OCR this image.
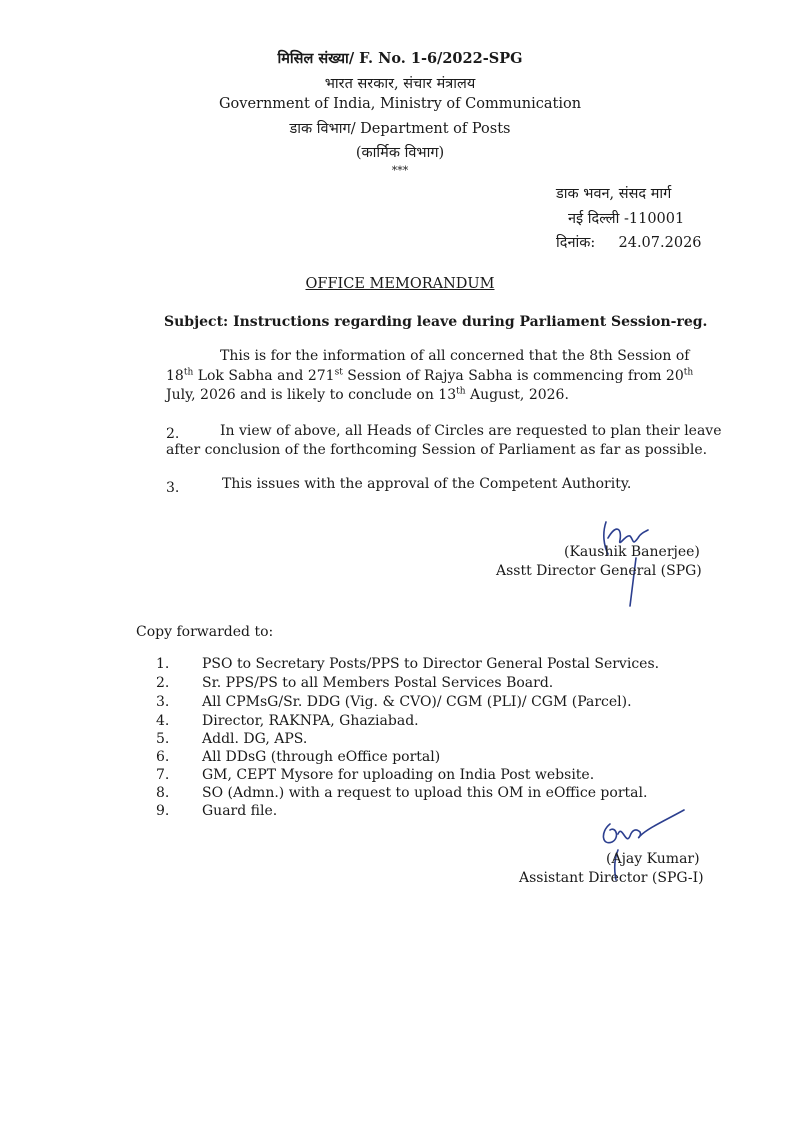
मिसिल संख्या/ F. No. 1-6/2022-SPG
भारत सरकार, संचार मंत्रालय
Government of India, Ministry of Communication
डाक विभाग/ Department of Posts
(कार्मिक विभाग)
***
डाक भवन, संसद मार्ग
नई दिल्ली -110001
दिनांक: 24.07.2026
OFFICE MEMORANDUM
Subject: Instructions regarding leave during Parliament Session-reg.
This is for the information of all concerned that the 8th Session of
18th Lok Sabha and 271st Session of Rajya Sabha is commencing from 20th
July, 2026 and is likely to conclude on 13th August, 2026.
2.	In view of above, all Heads of Circles are requested to plan their leave
after conclusion of the forthcoming Session of Parliament as far as possible.
3.	This issues with the approval of the Competent Authority.
(Kaushik Banerjee)
Asstt Director General (SPG)
Copy forwarded to:
1.	PSO to Secretary Posts/PPS to Director General Postal Services.
2.	Sr. PPS/PS to all Members Postal Services Board.
3.	All CPMsG/Sr. DDG (Vig. & CVO)/ CGM (PLI)/ CGM (Parcel).
4.	Director, RAKNPA, Ghaziabad.
5.	Addl. DG, APS.
6.	All DDsG (through eOffice portal)
7.	GM, CEPT Mysore for uploading on India Post website.
8.	SO (Admn.) with a request to upload this OM in eOffice portal.
9.	Guard file.
(Ajay Kumar)
Assistant Director (SPG-I)
